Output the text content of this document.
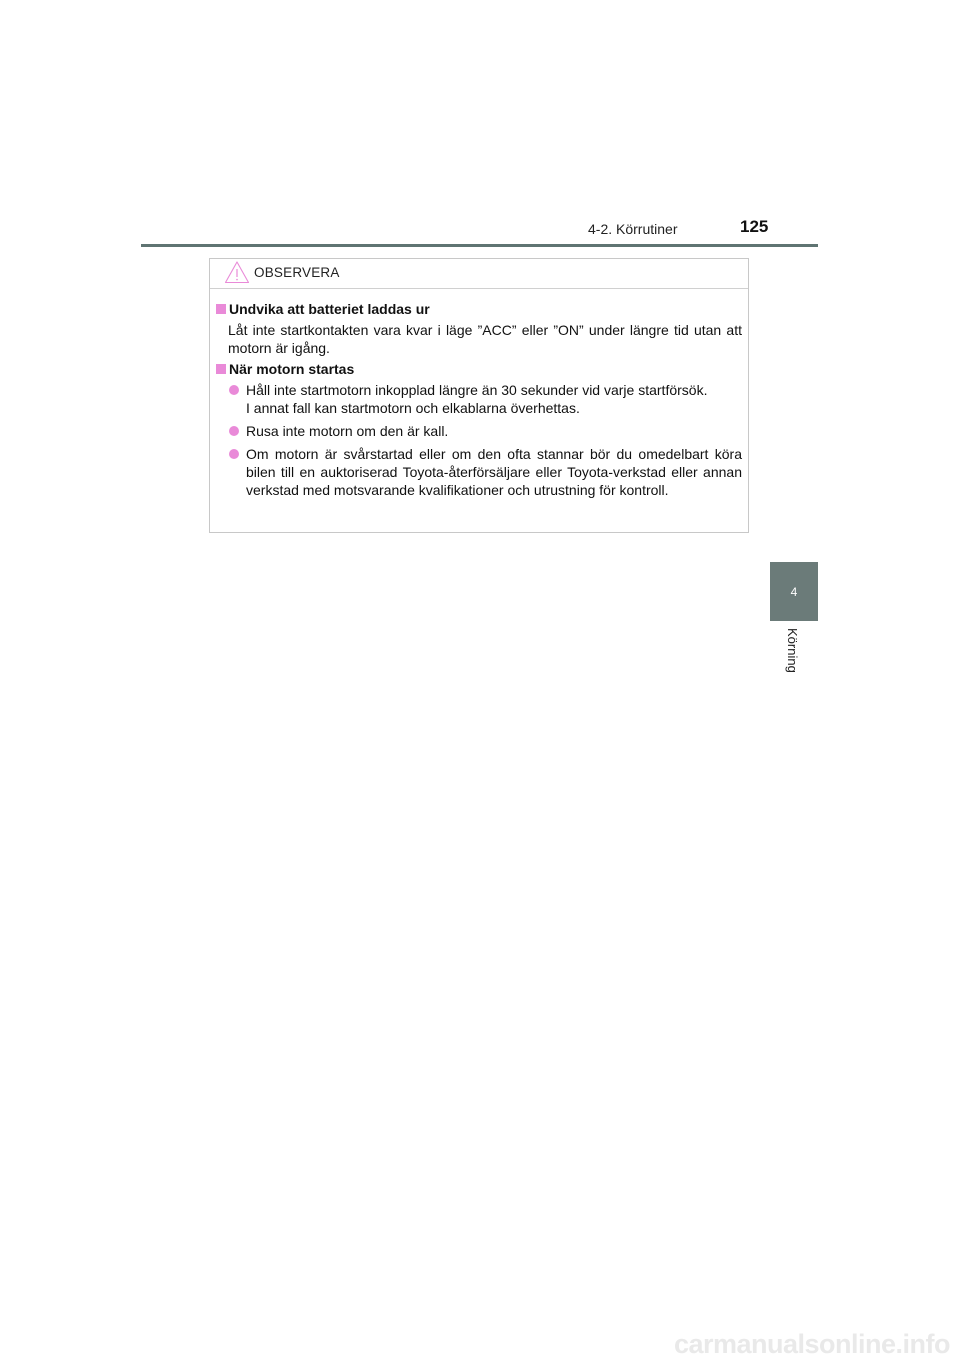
4-2. Körrutiner	125
4
Körning
OBSERVERA
Undvika att batteriet laddas ur

Låt inte startkontakten vara kvar i läge ”ACC” eller ”ON” under längre tid utan att motorn är igång.

När motorn startas
Håll inte startmotorn inkopplad längre än 30 sekunder vid varje startförsök.
I annat fall kan startmotorn och elkablarna överhettas.
Rusa inte motorn om den är kall.
Om motorn är svårstartad eller om den ofta stannar bör du omedelbart köra bilen till en auktoriserad Toyota-återförsäljare eller Toyota-verkstad eller annan verkstad med motsvarande kvalifikationer och utrustning för kontroll.
carmanualsonline.info
